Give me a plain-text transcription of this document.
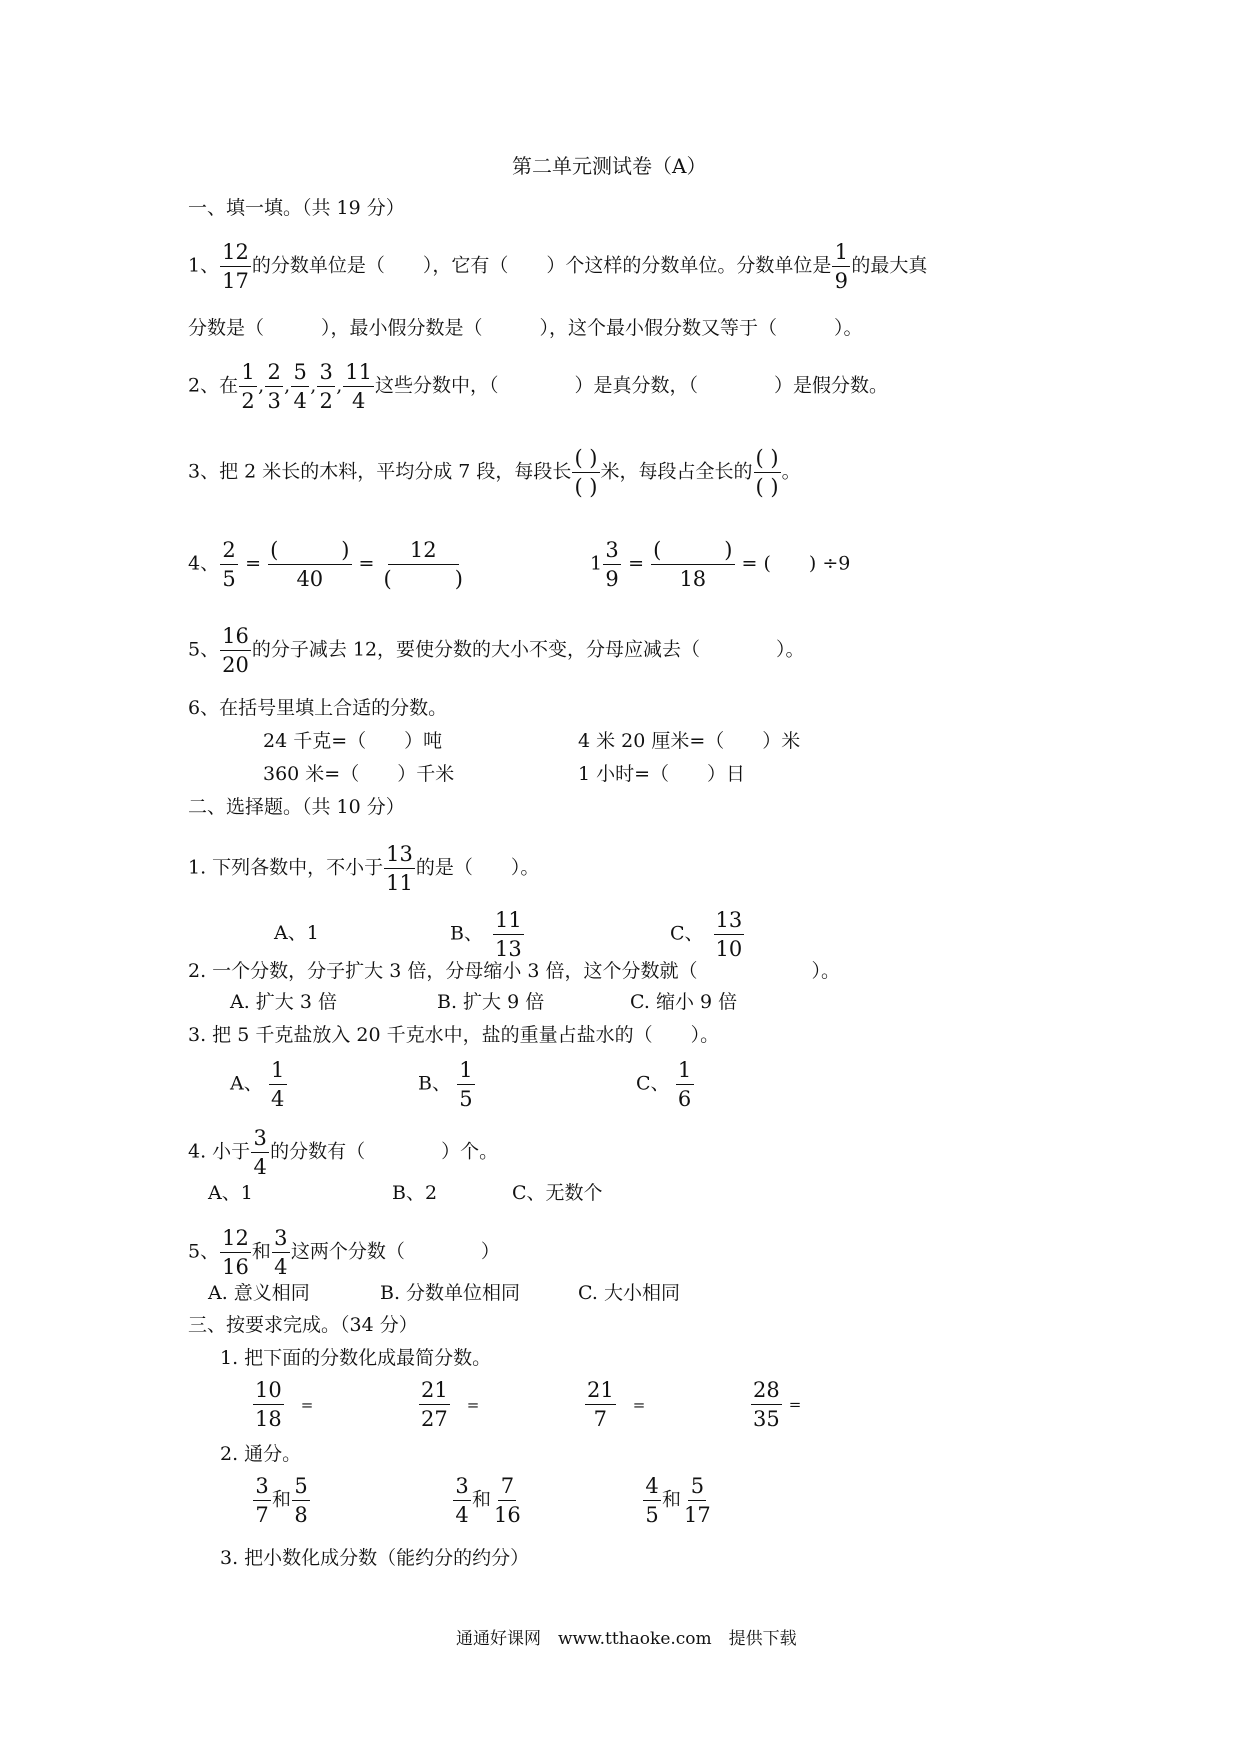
第二单元测试卷（A）
一、填一填。（共 19 分）
1、 $\frac{12}{17}$ 的分数单位是（　　），它有（　　）个这样的分数单位。分数单位是 $\frac{1}{9}$ 的最大真
分数是（　　　），最小假分数是（　　　），这个最小假分数又等于（　　　）。
2、在 $\frac{1}{2}$ , $\frac{2}{3}$ , $\frac{5}{4}$ , $\frac{3}{2}$ , $\frac{11}{4}$ 这些分数中，（　　　　）是真分数，（　　　　）是假分数。
3、把 2 米长的木料，平均分成 7 段，每段长 $\frac{( )}{( )}$ 米，每段占全长的 $\frac{( )}{( )}$ 。
4、 $\frac{2}{5} = \frac{( )}{40} = \frac{12}{( )}$	$1 \frac{3}{9} = \frac{( )}{18}$ = (　　) ÷9
5、 $\frac{16}{20}$ 的分子减去 12，要使分数的大小不变，分母应减去（　　　　）。
6、在括号里填上合适的分数。
24 千克=（　　）吨	4 米 20 厘米=（　　）米
360 米=（　　）千米	1 小时=（　　）日
二、选择题。（共 10 分）
1. 下列各数中，不小于 $\frac{13}{11}$ 的是（　　）。
A、1	B、 $\frac{11}{13}$	C、 $\frac{13}{10}$
2. 一个分数，分子扩大 3 倍，分母缩小 3 倍，这个分数就（　　　　　　）。
A. 扩大 3 倍	B. 扩大 9 倍	C. 缩小 9 倍
3. 把 5 千克盐放入 20 千克水中，盐的重量占盐水的（　　）。
A、 $\frac{1}{4}$	B、 $\frac{1}{5}$	C、 $\frac{1}{6}$
4. 小于 $\frac{3}{4}$ 的分数有（　　　　）个。
A、1	B、2	C、无数个
5、 $\frac{12}{16}$ 和 $\frac{3}{4}$ 这两个分数（　　　　）
A. 意义相同	B. 分数单位相同	C. 大小相同
三、按要求完成。（34 分）
1. 把下面的分数化成最简分数。
$\frac{10}{18}$ =	$\frac{21}{27}$ =	$\frac{21}{7}$ =	$\frac{28}{35}$ =
2. 通分。
$\frac{3}{7}$ 和 $\frac{5}{8}$	$\frac{3}{4}$ 和 $\frac{7}{16}$	$\frac{4}{5}$ 和 $\frac{5}{17}$
3. 把小数化成分数（能约分的约分）
通通好课网　www.tthaoke.com　提供下载
